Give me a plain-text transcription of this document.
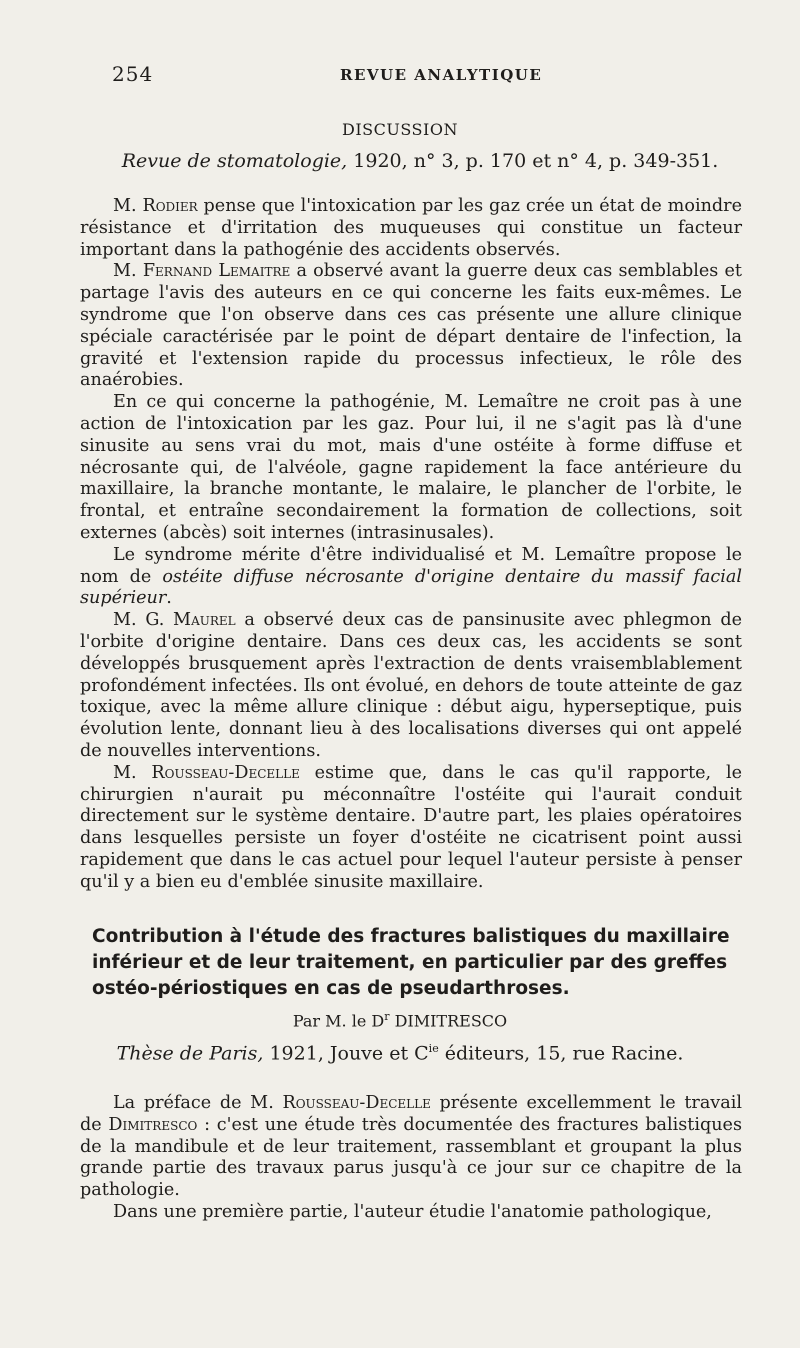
254	REVUE ANALYTIQUE
DISCUSSION
Revue de stomatologie, 1920, n° 3, p. 170 et n° 4, p. 349-351.

M. Rodier pense que l'intoxication par les gaz crée un état de moindre résistance et d'irritation des muqueuses qui constitue un facteur important dans la pathogénie des accidents observés.

M. Fernand Lemaitre a observé avant la guerre deux cas semblables et partage l'avis des auteurs en ce qui concerne les faits eux-mêmes. Le syndrome que l'on observe dans ces cas présente une allure clinique spéciale caractérisée par le point de départ dentaire de l'infection, la gravité et l'extension rapide du processus infectieux, le rôle des anaérobies.

En ce qui concerne la pathogénie, M. Lemaître ne croit pas à une action de l'intoxication par les gaz. Pour lui, il ne s'agit pas là d'une sinusite au sens vrai du mot, mais d'une ostéite à forme diffuse et nécrosante qui, de l'alvéole, gagne rapidement la face antérieure du maxillaire, la branche montante, le malaire, le plancher de l'orbite, le frontal, et entraîne secondairement la formation de collections, soit externes (abcès) soit internes (intrasinusales).

Le syndrome mérite d'être individualisé et M. Lemaître propose le nom de ostéite diffuse nécrosante d'origine dentaire du massif facial supérieur.

M. G. Maurel a observé deux cas de pansinusite avec phlegmon de l'orbite d'origine dentaire. Dans ces deux cas, les accidents se sont développés brusquement après l'extraction de dents vraisemblablement profondément infectées. Ils ont évolué, en dehors de toute atteinte de gaz toxique, avec la même allure clinique : début aigu, hyperseptique, puis évolution lente, donnant lieu à des localisations diverses qui ont appelé de nouvelles interventions.

M. Rousseau-Decelle estime que, dans le cas qu'il rapporte, le chirurgien n'aurait pu méconnaître l'ostéite qui l'aurait conduit directement sur le système dentaire. D'autre part, les plaies opératoires dans lesquelles persiste un foyer d'ostéite ne cicatrisent point aussi rapidement que dans le cas actuel pour lequel l'auteur persiste à penser qu'il y a bien eu d'emblée sinusite maxillaire.

Contribution à l'étude des fractures balistiques du maxillaire
inférieur et de leur traitement, en particulier par des greffes
ostéo-périostiques en cas de pseudarthroses.
Par M. le $D^r$ DIMITRESCO
Thèse de Paris, 1921, Jouve et $C^{ie}$ éditeurs, 15, rue Racine.

La préface de M. Rousseau-Decelle présente excellemment le travail de Dimitresco : c'est une étude très documentée des fractures balistiques de la mandibule et de leur traitement, rassemblant et groupant la plus grande partie des travaux parus jusqu'à ce jour sur ce chapitre de la pathologie.

Dans une première partie, l'auteur étudie l'anatomie pathologique,
